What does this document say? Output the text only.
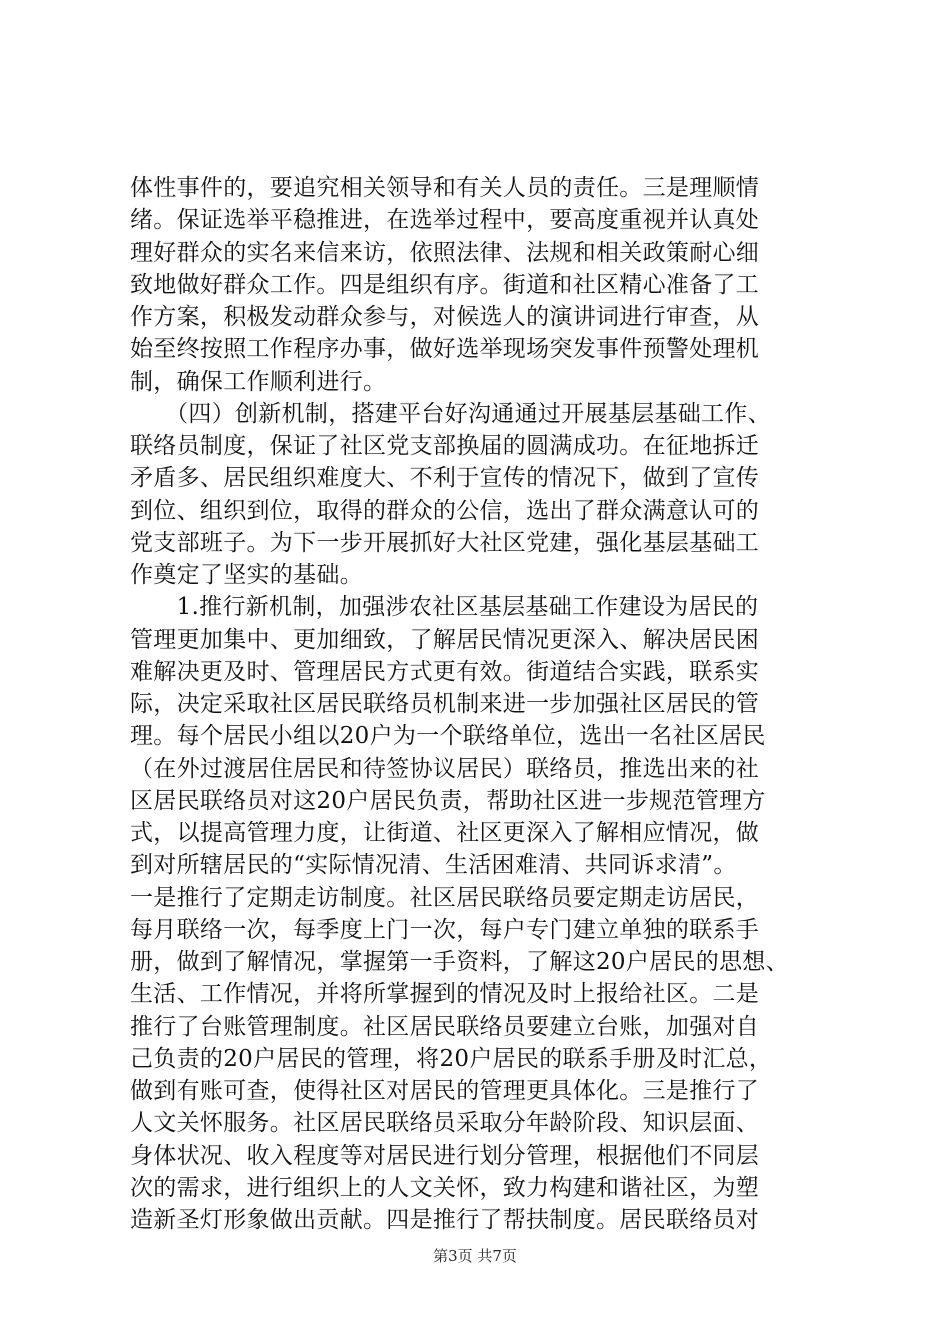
体性事件的，要追究相关领导和有关人员的责任。三是理顺情
绪。保证选举平稳推进，在选举过程中，要高度重视并认真处
理好群众的实名来信来访，依照法律、法规和相关政策耐心细
致地做好群众工作。四是组织有序。街道和社区精心准备了工
作方案，积极发动群众参与，对候选人的演讲词进行审查，从
始至终按照工作程序办事，做好选举现场突发事件预警处理机
制，确保工作顺利进行。
　　（四）创新机制，搭建平台好沟通通过开展基层基础工作、
联络员制度，保证了社区党支部换届的圆满成功。在征地拆迁
矛盾多、居民组织难度大、不利于宣传的情况下，做到了宣传
到位、组织到位，取得的群众的公信，选出了群众满意认可的
党支部班子。为下一步开展抓好大社区党建，强化基层基础工
作奠定了坚实的基础。
　　1.推行新机制，加强涉农社区基层基础工作建设为居民的
管理更加集中、更加细致，了解居民情况更深入、解决居民困
难解决更及时、管理居民方式更有效。街道结合实践，联系实
际，决定采取社区居民联络员机制来进一步加强社区居民的管
理。每个居民小组以20户为一个联络单位，选出一名社区居民
（在外过渡居住居民和待签协议居民）联络员，推选出来的社
区居民联络员对这20户居民负责，帮助社区进一步规范管理方
式，以提高管理力度，让街道、社区更深入了解相应情况，做
到对所辖居民的“实际情况清、生活困难清、共同诉求清”。
一是推行了定期走访制度。社区居民联络员要定期走访居民，
每月联络一次，每季度上门一次，每户专门建立单独的联系手
册，做到了解情况，掌握第一手资料，了解这20户居民的思想、
生活、工作情况，并将所掌握到的情况及时上报给社区。二是
推行了台账管理制度。社区居民联络员要建立台账，加强对自
己负责的20户居民的管理，将20户居民的联系手册及时汇总，
做到有账可查，使得社区对居民的管理更具体化。三是推行了
人文关怀服务。社区居民联络员采取分年龄阶段、知识层面、
身体状况、收入程度等对居民进行划分管理，根据他们不同层
次的需求，进行组织上的人文关怀，致力构建和谐社区，为塑
造新圣灯形象做出贡献。四是推行了帮扶制度。居民联络员对
第3页 共7页
